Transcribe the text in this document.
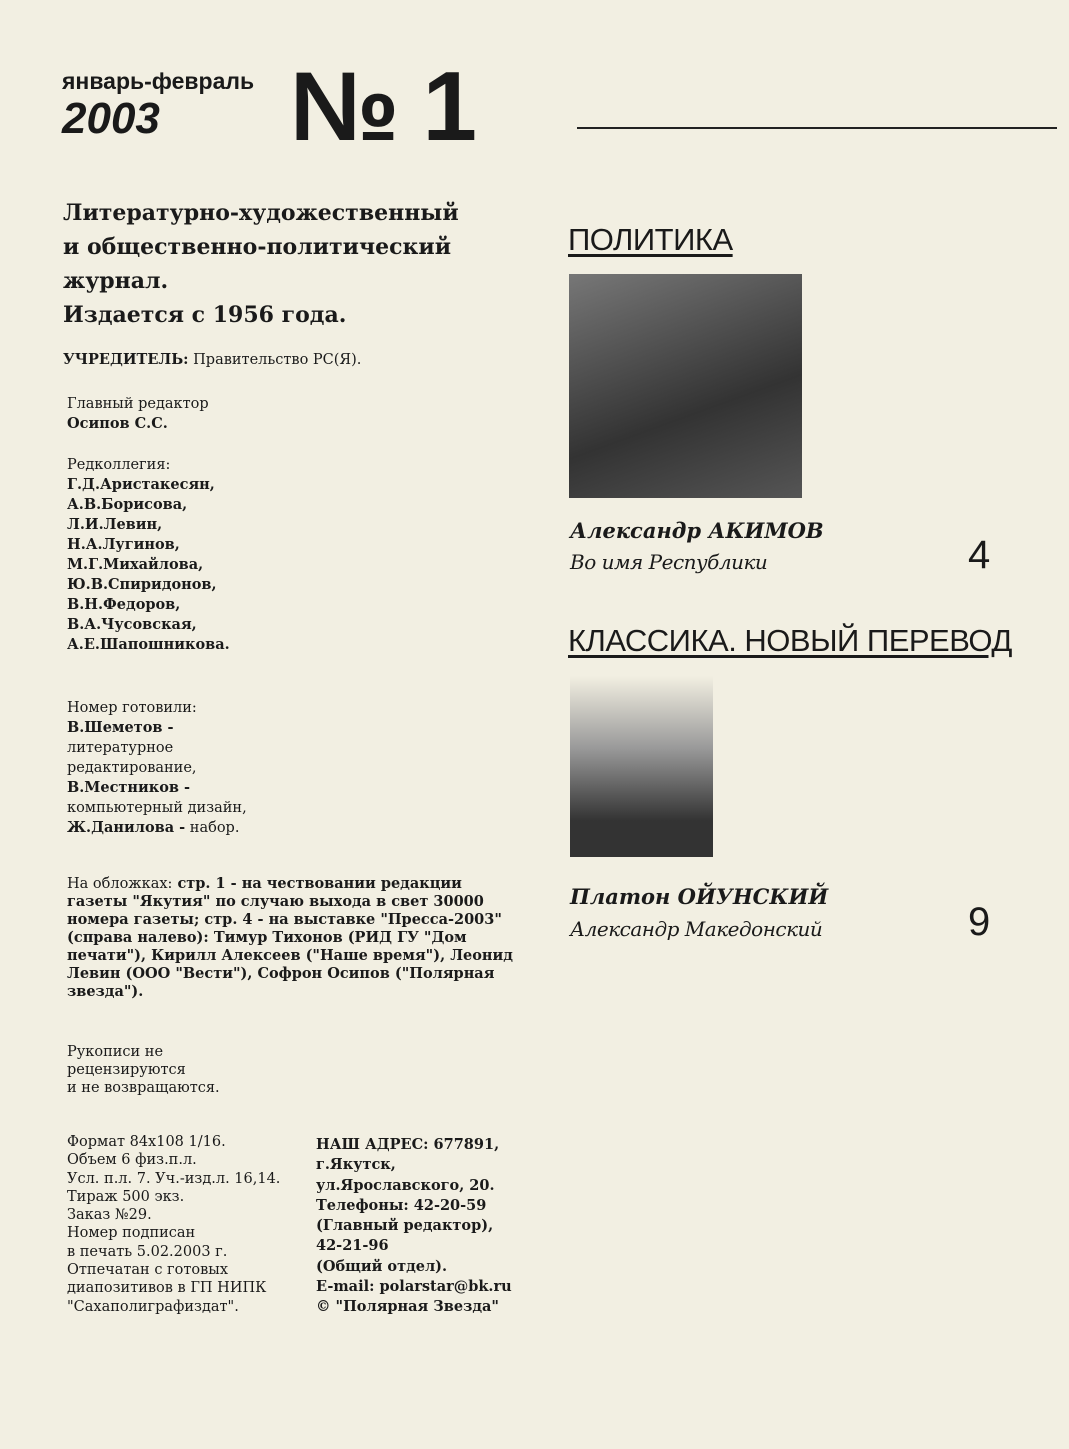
январь-февраль
2003 № 1
Литературно-художественный
и общественно-политический
журнал.
Издается с 1956 года.
УЧРЕДИТЕЛЬ: Правительство РС(Я).
Главный редактор
Осипов С.С.
Редколлегия:
Г.Д.Аристакесян,
А.В.Борисова,
Л.И.Левин,
Н.А.Лугинов,
М.Г.Михайлова,
Ю.В.Спиридонов,
В.Н.Федоров,
В.А.Чусовская,
А.Е.Шапошникова.
Номер готовили:
В.Шеметов -
литературное
редактирование,
В.Местников -
компьютерный дизайн,
Ж.Данилова - набор.
На обложках: стр. 1 - на чествовании редакции газеты "Якутия" по случаю выхода в свет 30000 номера газеты; стр. 4 - на выставке "Пресса-2003" (справа налево): Тимур Тихонов (РИД ГУ "Дом печати"), Кирилл Алексеев ("Наше время"), Леонид Левин (ООО "Вести"), Софрон Осипов ("Полярная звезда").
Рукописи не
рецензируются
и не возвращаются.
Формат 84х108 1/16.
Объем 6 физ.п.л.
Усл. п.л. 7. Уч.-изд.л. 16,14.
Тираж 500 экз.
Заказ №29.
Номер подписан
в печать 5.02.2003 г.
Отпечатан с готовых
диапозитивов в ГП НИПК
"Сахаполиграфиздат".
НАШ АДРЕС: 677891,
г.Якутск,
ул.Ярославского, 20.
Телефоны: 42-20-59
(Главный редактор),
42-21-96
(Общий отдел).
E-mail: polarstar@bk.ru
© "Полярная Звезда"
ПОЛИТИКА
Александр АКИМОВ
Во имя Республики	4
КЛАССИКА. НОВЫЙ ПЕРЕВОД
Платон ОЙУНСКИЙ
Александр Македонский	9
